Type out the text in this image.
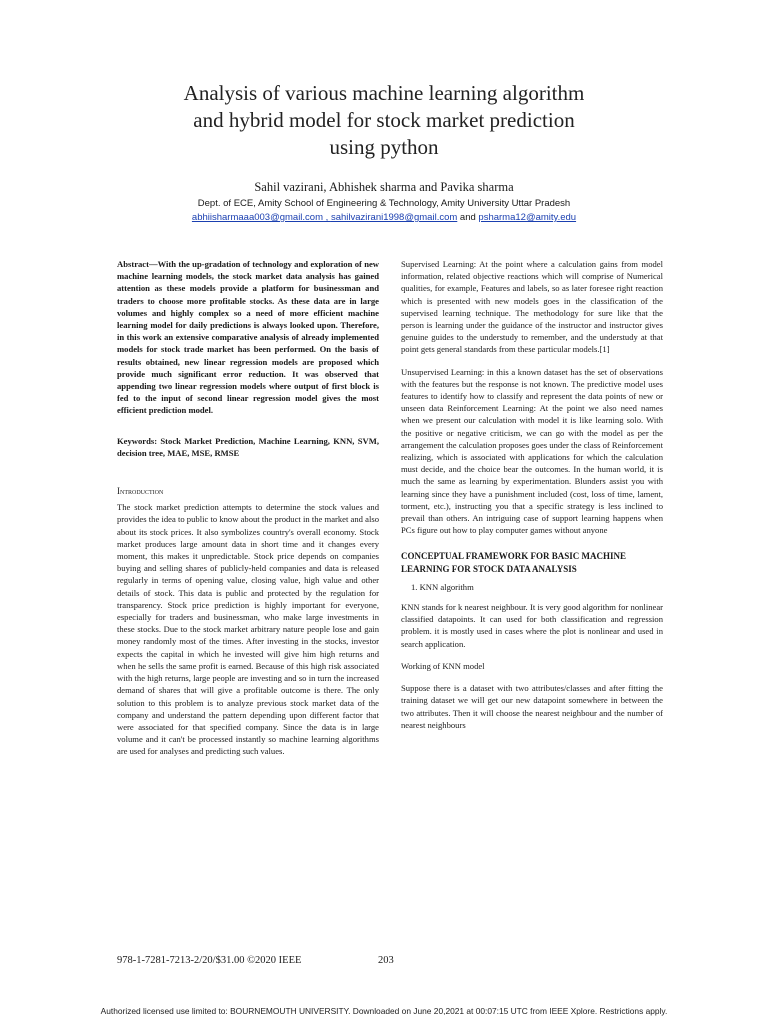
Analysis of various machine learning algorithm
and hybrid model for stock market prediction
using python
Sahil vazirani, Abhishek sharma and Pavika sharma
Dept. of ECE, Amity School of Engineering & Technology, Amity University Uttar Pradesh
abhiisharmaaa003@gmail.com , sahilvazirani1998@gmail.com and psharma12@amity.edu

Abstract—With the up-gradation of technology and exploration of new machine learning models, the stock market data analysis has gained attention as these models provide a platform for businessman and traders to choose more profitable stocks. As these data are in large volumes and highly complex so a need of more efficient machine learning model for daily predictions is always looked upon. Therefore, in this work an extensive comparative analysis of already implemented models for stock trade market has been performed. On the basis of results obtained, new linear regression models are proposed which provide much significant error reduction. It was observed that appending two linear regression models where output of first block is fed to the input of second linear regression model gives the most efficient prediction model.

Keywords: Stock Market Prediction, Machine Learning, KNN, SVM, decision tree, MAE, MSE, RMSE

Introduction

The stock market prediction attempts to determine the stock values and provides the idea to public to know about the product in the market and also about its stock prices. It also symbolizes country's overall economy. Stock market produces large amount data in short time and it changes every moment, this makes it unpredictable. Stock price depends on companies buying and selling shares of publicly-held companies and data is released regularly in terms of opening value, closing value, high value and other details of stock. This data is public and protected by the regulation for transparency. Stock price prediction is highly important for everyone, especially for traders and businessman, who make large investments in these stocks. Due to the stock market arbitrary nature people lose and gain money randomly most of the times. After investing in the stocks, investor expects the capital in which he invested will give him high returns and when he sells the same profit is earned. Because of this high risk associated with the high returns, large people are investing and so in turn the increased demand of shares that will give a profitable outcome is there. The only solution to this problem is to analyze previous stock market data of the company and understand the pattern depending upon different factor that were associated for that specified company. Since the data is in large volume and it can't be processed instantly so machine learning algorithms are used for analyses and predicting such values.

Supervised Learning: At the point where a calculation gains from model information, related objective reactions which will comprise of Numerical qualities, for example, Features and labels, so as later foresee right reaction which is presented with new models goes in the classification of the supervised learning technique. The methodology for sure like that the person is learning under the guidance of the instructor and instructor gives genuine guides to the understudy to remember, and the understudy at that point gets general standards from these particular models.[1]

Unsupervised Learning: in this a known dataset has the set of observations with the features but the response is not known. The predictive model uses features to identify how to classify and represent the data points of new or unseen data Reinforcement Learning: At the point we also need names when we present our calculation with model it is like learning solo. With the positive or negative criticism, we can go with the model as per the arrangement the calculation proposes goes under the class of Reinforcement realizing, which is associated with applications for which the calculation must decide, and the choice bear the outcomes. In the human world, it is much the same as learning by experimentation. Blunders assist you with learning since they have a punishment included (cost, loss of time, lament, torment, etc.), instructing you that a specific strategy is less inclined to prevail than others. An intriguing case of support learning happens when PCs figure out how to play computer games without anyone

CONCEPTUAL FRAMEWORK FOR BASIC MACHINE LEARNING FOR STOCK DATA ANALYSIS

1. KNN algorithm

KNN stands for k nearest neighbour. It is very good algorithm for nonlinear classified datapoints. It can used for both classification and regression problem. it is mostly used in cases where the plot is nonlinear and used in search application.

Working of KNN model

Suppose there is a dataset with two attributes/classes and after fitting the training dataset we will get our new datapoint somewhere in between the two attributes. Then it will choose the nearest neighbour and the number of nearest neighbours

978-1-7281-7213-2/20/$31.00 ©2020 IEEE	203
Authorized licensed use limited to: BOURNEMOUTH UNIVERSITY. Downloaded on June 20,2021 at 00:07:15 UTC from IEEE Xplore. Restrictions apply.
